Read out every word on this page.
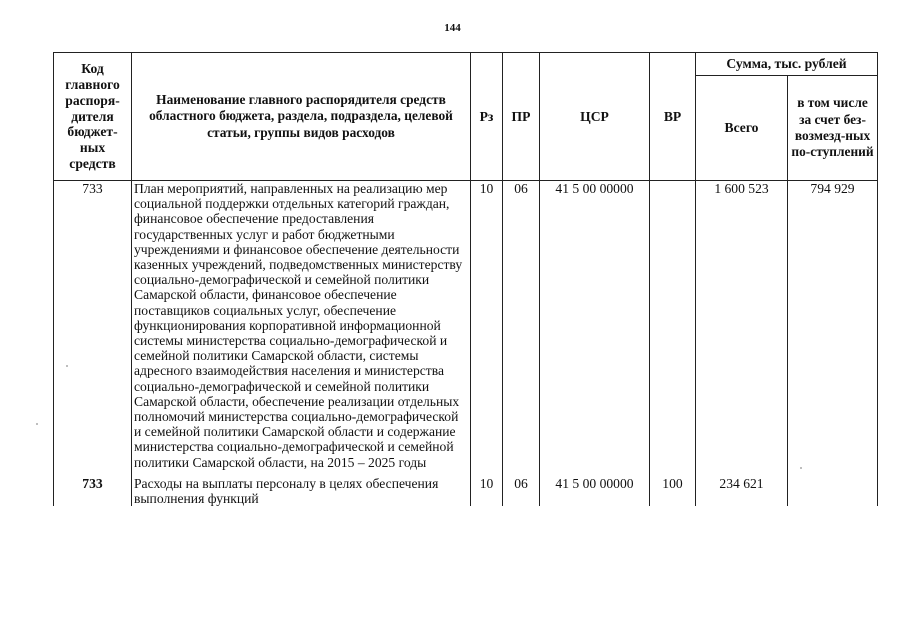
144
Код главного распоря-дителя бюджет-ных средств	Наименование главного распорядителя средств областного бюджета, раздела, подраздела, целевой статьи, группы видов расходов	Рз	ПР	ЦСР	ВР	Сумма, тыс. рублей	
						Всего	в том числе за счет без-возмезд-ных по-ступлений
733	План мероприятий, направленных на реализацию мер социальной поддержки отдельных категорий граждан, финансовое обеспечение предоставления государственных услуг и работ бюджетными учреждениями и финансовое обеспечение деятельности казенных учреждений, подведомственных министерству социально-демографической и семейной политики Самарской области, финансовое обеспечение поставщиков социальных услуг, обеспечение функционирования корпоративной информационной системы министерства социально-демографической и семейной политики Самарской области, системы адресного взаимодействия населения и министерства социально-демографической и семейной политики Самарской области, обеспечение реализации отдельных полномочий министерства социально-демографической и семейной политики Самарской области и содержание министерства социально-демографической и семейной политики Самарской области, на 2015 – 2025 годы	10	06	41 5 00 00000		1 600 523	794 929
733	Расходы на выплаты персоналу в целях обеспечения выполнения функций	10	06	41 5 00 00000	100	234 621	
